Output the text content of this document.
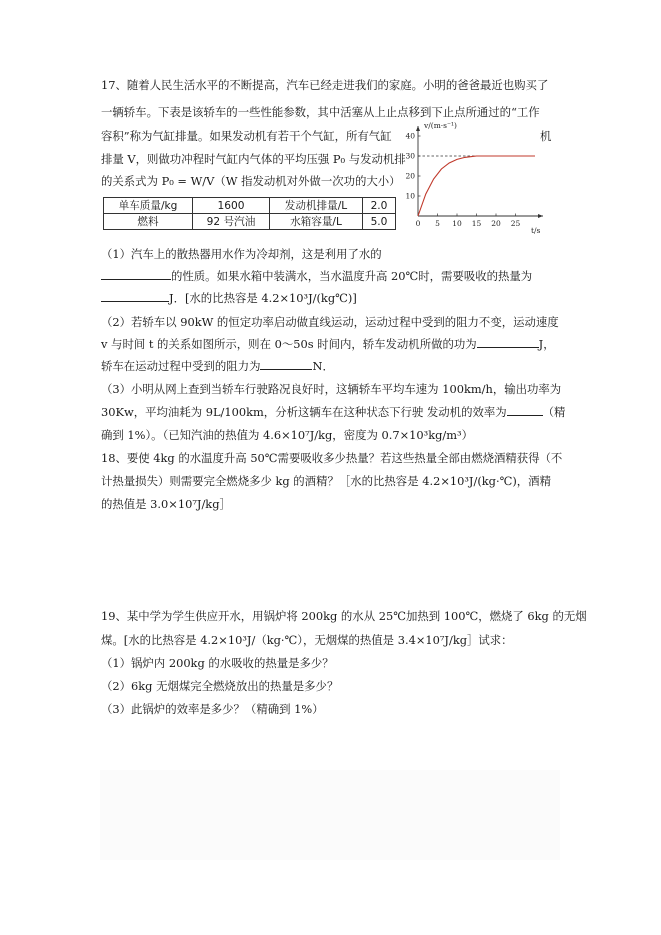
17、随着人民生活水平的不断提高，汽车已经走进我们的家庭。小明的爸爸最近也购买了
一辆轿车。下表是该轿车的一些性能参数，其中活塞从上止点移到下止点所通过的“工作
容积”称为气缸排量。如果发动机有若干个气缸，所有气缸	机
排量 V，则做功冲程时气缸内气体的平均压强 P₀ 与发动机排
的关系式为 P₀ = W/V（W 指发动机对外做一次功的大小）
单车质量/kg	1600	发动机排量/L	2.0
燃料	92 号汽油	水箱容量/L	5.0
v/(m·s⁻¹)
t/s
0 5 10 15 20 25
10
20
30
40
（1）汽车上的散热器用水作为冷却剂，这是利用了水的
的性质。如果水箱中装满水，当水温度升高 20℃时，需要吸收的热量为
J．[水的比热容是 4.2×10³J/(kg℃)]
（2）若轿车以 90kW 的恒定功率启动做直线运动，运动过程中受到的阻力不变，运动速度
v 与时间 t 的关系如图所示，则在 0～50s 时间内，轿车发动机所做的功为	J，
轿车在运动过程中受到的阻力为	N．
（3）小明从网上查到当轿车行驶路况良好时，这辆轿车平均车速为 100km/h，输出功率为
30Kw，平均油耗为 9L/100km，分析这辆车在这种状态下行驶 发动机的效率为	（精
确到 1%）。（已知汽油的热值为 4.6×10⁷J/kg，密度为 0.7×10³kg/m³）
18、要使 4kg 的水温度升高 50℃需要吸收多少热量？若这些热量全部由燃烧酒精获得（不
计热量损失）则需要完全燃烧多少 kg 的酒精？［水的比热容是 4.2×10³J/(kg·℃)，酒精
的热值是 3.0×10⁷J/kg］
19、某中学为学生供应开水，用锅炉将 200kg 的水从 25℃加热到 100℃，燃烧了 6kg 的无烟
煤。[水的比热容是 4.2×10³J/（kg·℃），无烟煤的热值是 3.4×10⁷J/kg］试求：
（1）锅炉内 200kg 的水吸收的热量是多少？
（2）6kg 无烟煤完全燃烧放出的热量是多少？
（3）此锅炉的效率是多少？（精确到 1%）
